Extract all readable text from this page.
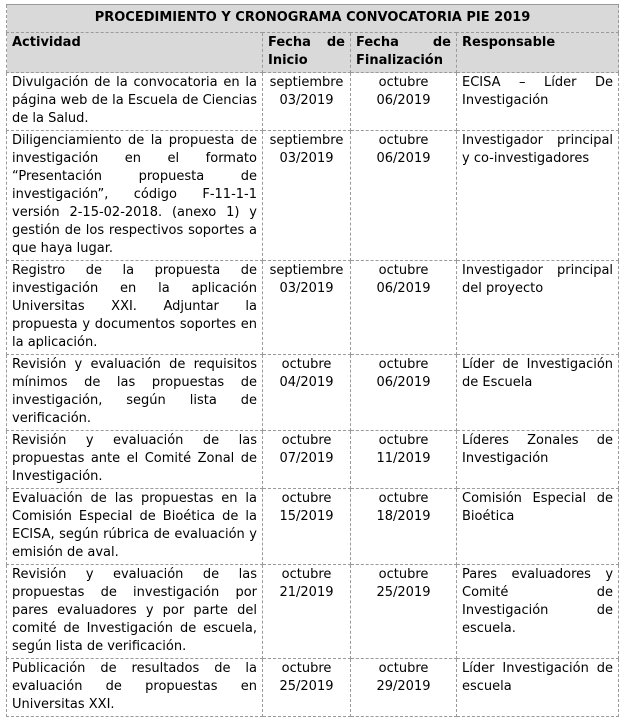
PROCEDIMIENTO Y CRONOGRAMA CONVOCATORIA PIE 2019			
Actividad	Fecha de Inicio	Fecha de Finalización	Responsable
Divulgación de la convocatoria en la página web de la Escuela de Ciencias de la Salud.	septiembre 03/2019	octubre 06/2019	ECISA – Líder De Investigación
Diligenciamiento de la propuesta de investigación en el formato “Presentación propuesta de investigación”, código F-11-1-1 versión 2-15-02-2018. (anexo 1) y gestión de los respectivos soportes a que haya lugar.	septiembre 03/2019	octubre 06/2019	Investigador principal y co-investigadores
Registro de la propuesta de investigación en la aplicación Universitas XXI. Adjuntar la propuesta y documentos soportes en la aplicación.	septiembre 03/2019	octubre 06/2019	Investigador principal del proyecto
Revisión y evaluación de requisitos mínimos de las propuestas de investigación, según lista de verificación.	octubre 04/2019	octubre 06/2019	Líder de Investigación de Escuela
Revisión y evaluación de las propuestas ante el Comité Zonal de Investigación.	octubre 07/2019	octubre 11/2019	Líderes Zonales de Investigación
Evaluación de las propuestas en la Comisión Especial de Bioética de la ECISA, según rúbrica de evaluación y emisión de aval.	octubre 15/2019	octubre 18/2019	Comisión Especial de Bioética
Revisión y evaluación de las propuestas de investigación por pares evaluadores y por parte del comité de Investigación de escuela, según lista de verificación.	octubre 21/2019	octubre 25/2019	Pares evaluadores y Comité de Investigación de escuela.
Publicación de resultados de la evaluación de propuestas en Universitas XXI.	octubre 25/2019	octubre 29/2019	Líder Investigación de escuela
